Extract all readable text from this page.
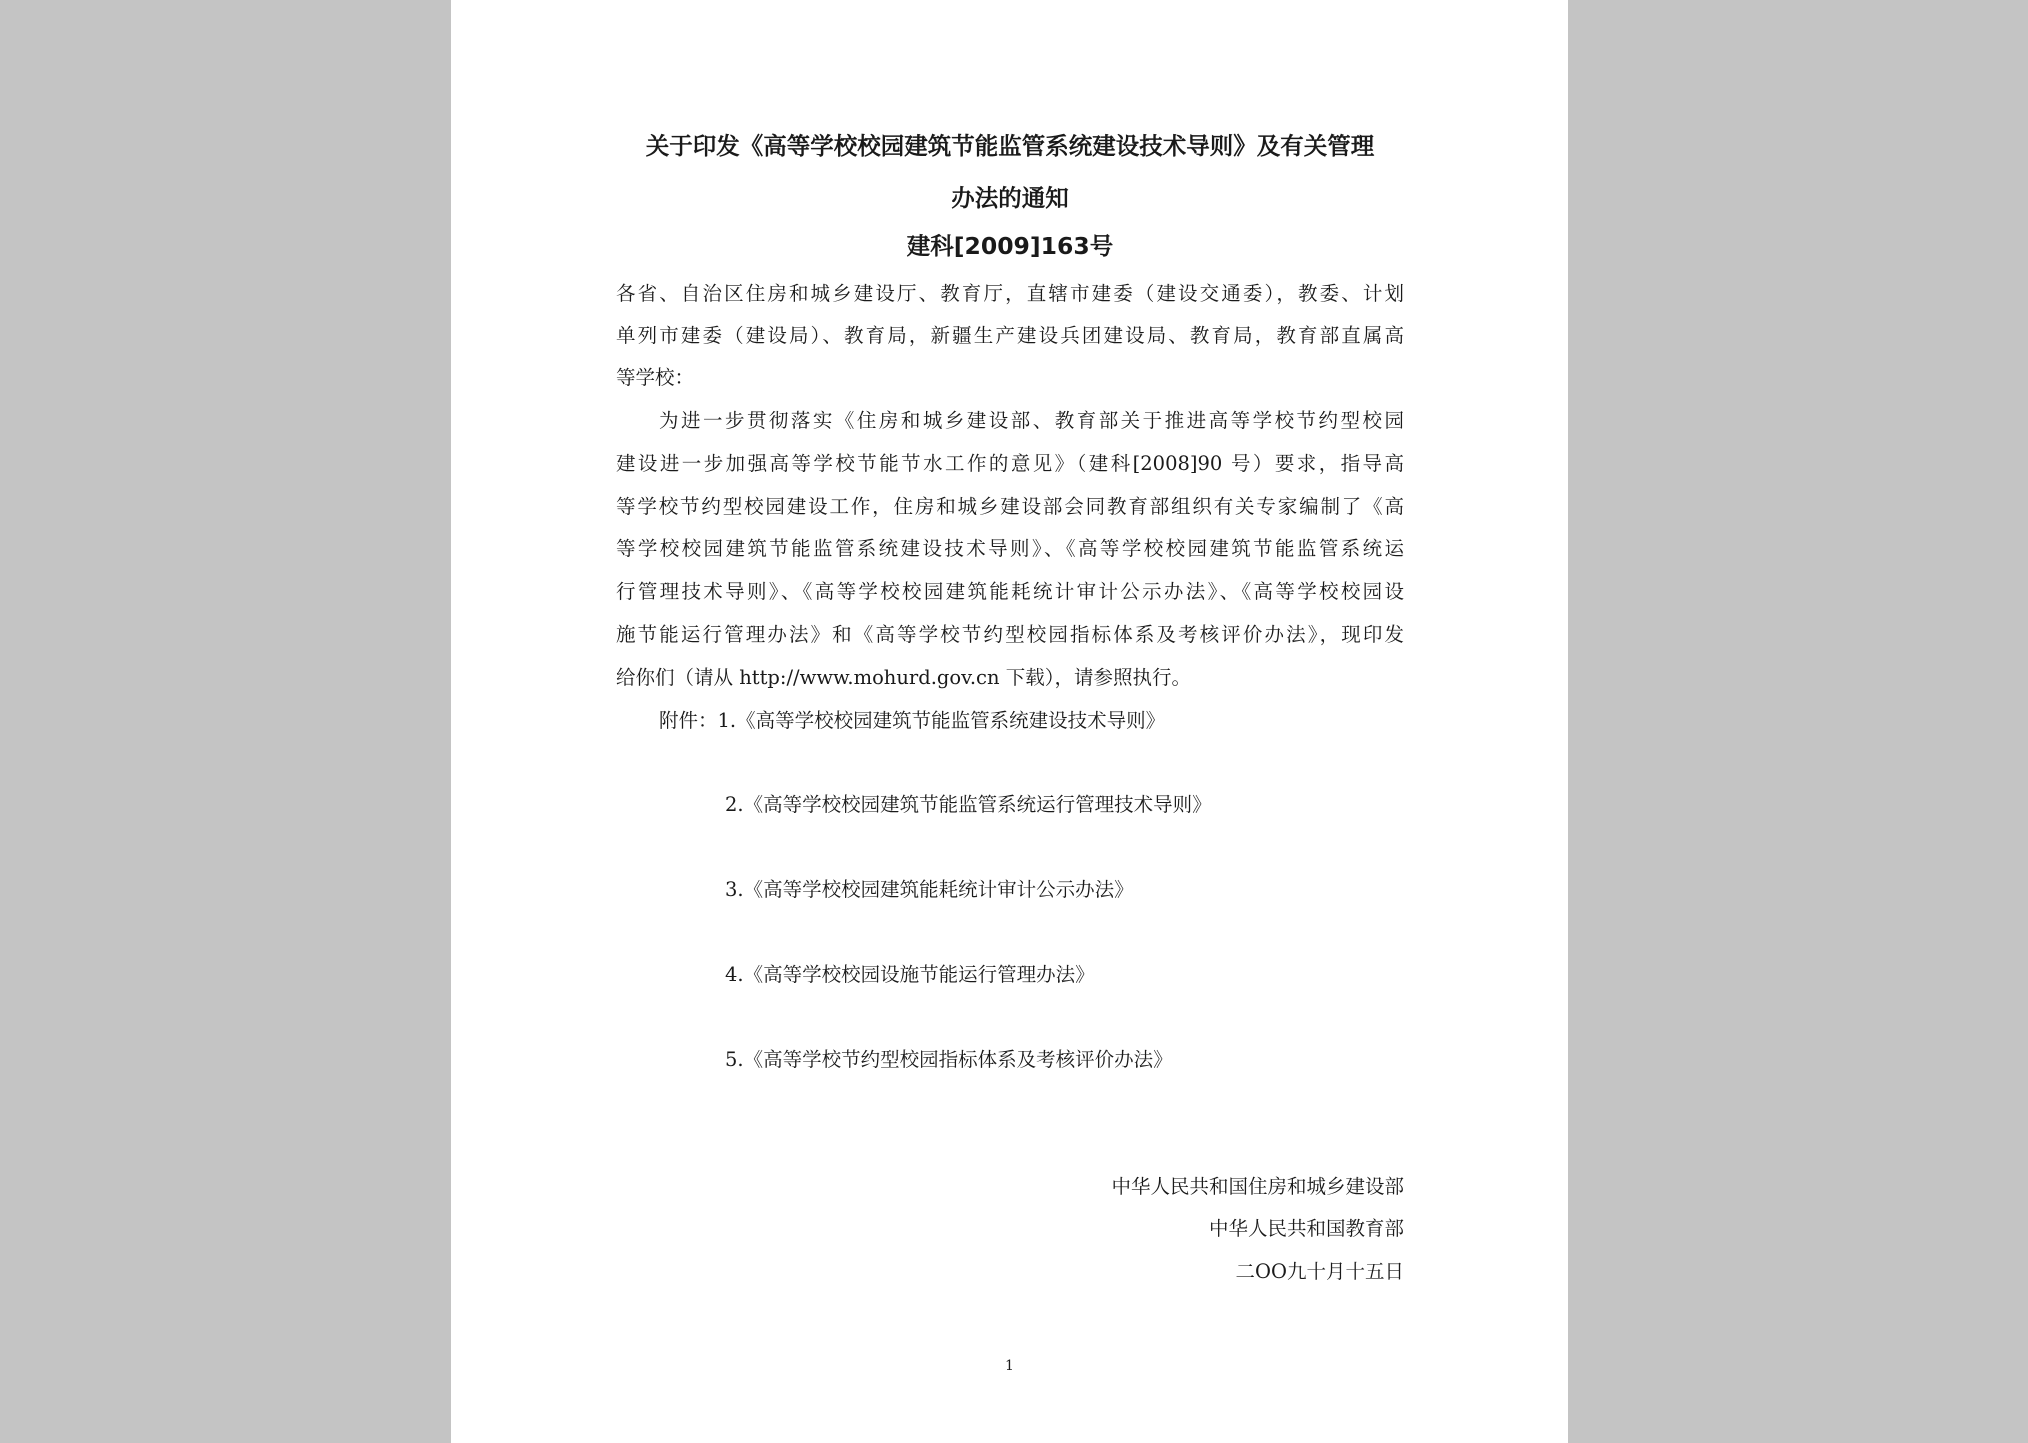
关于印发《高等学校校园建筑节能监管系统建设技术导则》及有关管理
办法的通知
建科[2009]163号
各省、自治区住房和城乡建设厅、教育厅，直辖市建委（建设交通委），教委、计划
单列市建委（建设局）、教育局，新疆生产建设兵团建设局、教育局，教育部直属高
等学校：
为进一步贯彻落实《住房和城乡建设部、教育部关于推进高等学校节约型校园
建设进一步加强高等学校节能节水工作的意见》（建科[2008]90 号）要求，指导高
等学校节约型校园建设工作，住房和城乡建设部会同教育部组织有关专家编制了《高
等学校校园建筑节能监管系统建设技术导则》、《高等学校校园建筑节能监管系统运
行管理技术导则》、《高等学校校园建筑能耗统计审计公示办法》、《高等学校校园设
施节能运行管理办法》和《高等学校节约型校园指标体系及考核评价办法》，现印发
给你们（请从 http://www.mohurd.gov.cn 下载），请参照执行。
附件：1.《高等学校校园建筑节能监管系统建设技术导则》
2.《高等学校校园建筑节能监管系统运行管理技术导则》
3.《高等学校校园建筑能耗统计审计公示办法》
4.《高等学校校园设施节能运行管理办法》
5.《高等学校节约型校园指标体系及考核评价办法》
中华人民共和国住房和城乡建设部
中华人民共和国教育部
二OO九十月十五日
1
